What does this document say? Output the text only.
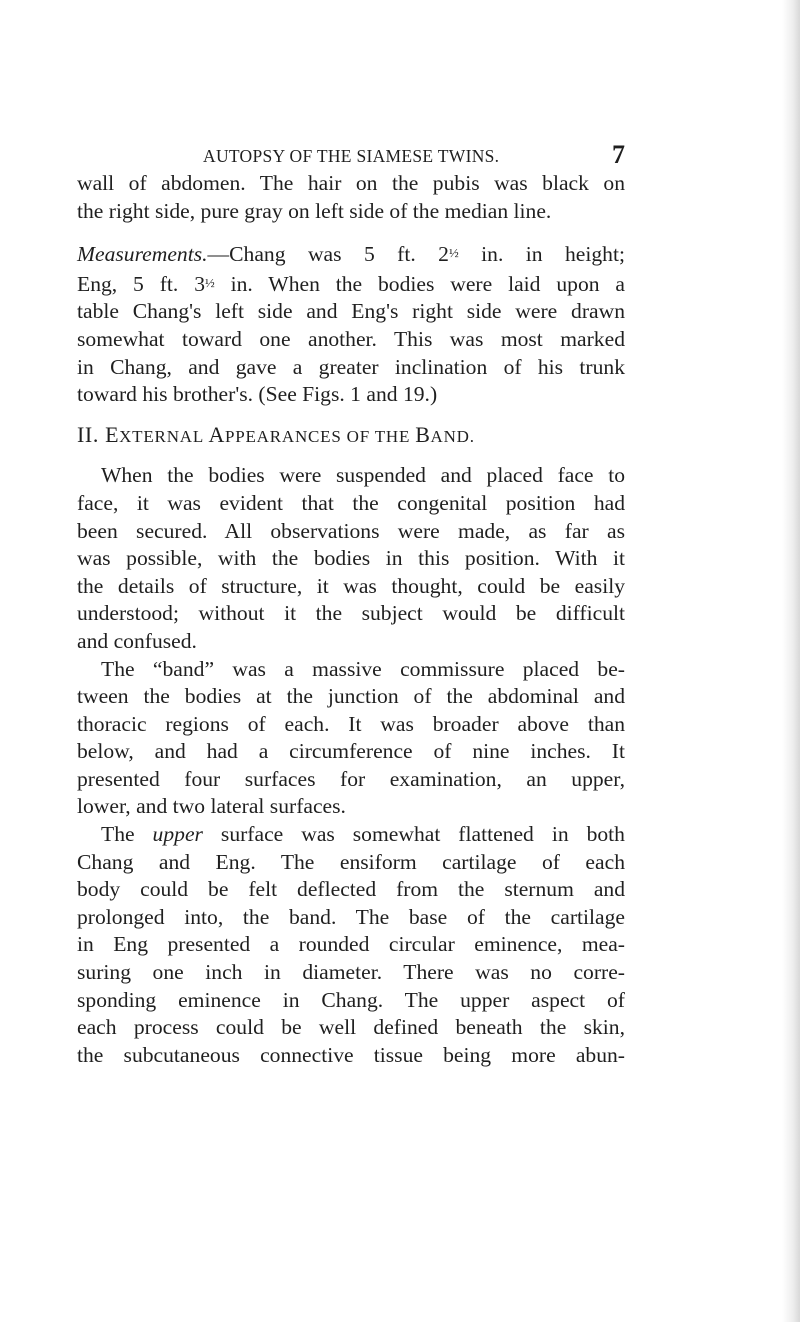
AUTOPSY OF THE SIAMESE TWINS.	7

wall of abdomen. The hair on the pubis was black on
the right side, pure gray on left side of the median line.

Measurements.—Chang was 5 ft. 2½ in. in height;
Eng, 5 ft. 3½ in. When the bodies were laid upon a
table Chang's left side and Eng's right side were drawn
somewhat toward one another. This was most marked
in Chang, and gave a greater inclination of his trunk
toward his brother's. (See Figs. 1 and 19.)

II. EXTERNAL APPEARANCES OF THE BAND.

When the bodies were suspended and placed face to
face, it was evident that the congenital position had
been secured. All observations were made, as far as
was possible, with the bodies in this position. With it
the details of structure, it was thought, could be easily
understood; without it the subject would be difficult
and confused.

The “band” was a massive commissure placed be-
tween the bodies at the junction of the abdominal and
thoracic regions of each. It was broader above than
below, and had a circumference of nine inches. It
presented four surfaces for examination, an upper,
lower, and two lateral surfaces.

The upper surface was somewhat flattened in both
Chang and Eng. The ensiform cartilage of each
body could be felt deflected from the sternum and
prolonged into, the band. The base of the cartilage
in Eng presented a rounded circular eminence, mea-
suring one inch in diameter. There was no corre-
sponding eminence in Chang. The upper aspect of
each process could be well defined beneath the skin,
the subcutaneous connective tissue being more abun-
